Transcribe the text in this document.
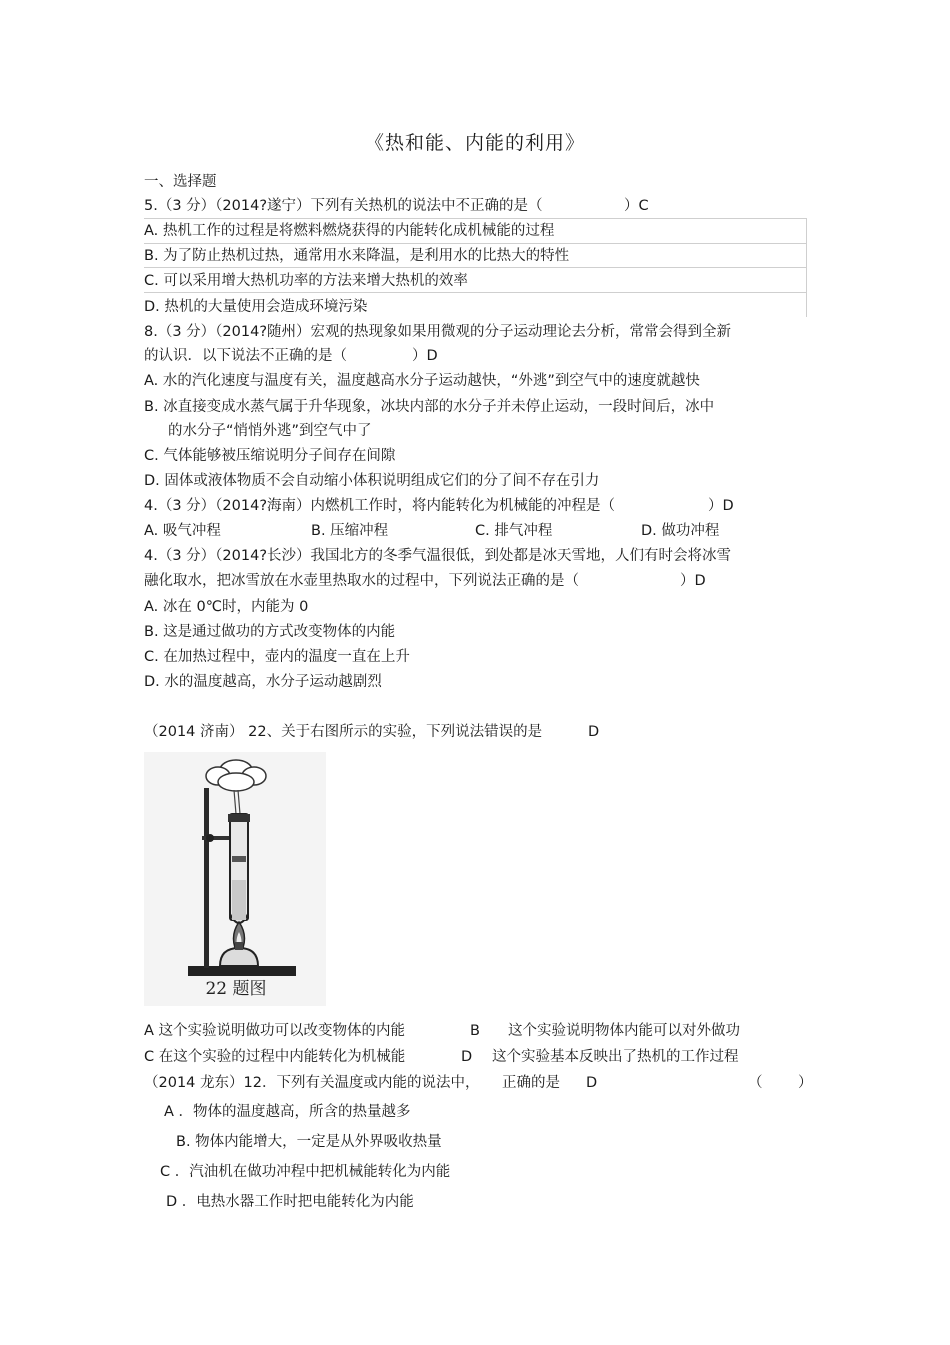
《热和能、内能的利用》
一、选择题
5.（3 分）（2014?遂宁）下列有关热机的说法中不正确的是（	）C
A. 热机工作的过程是将燃料燃烧获得的内能转化成机械能的过程
B. 为了防止热机过热，通常用水来降温，是利用水的比热大的特性
C. 可以采用增大热机功率的方法来增大热机的效率
D. 热机的大量使用会造成环境污染
8.（3 分）（2014?随州）宏观的热现象如果用微观的分子运动理论去分析，常常会得到全新
的认识．以下说法不正确的是（	）D
A. 水的汽化速度与温度有关，温度越高水分子运动越快，“外逃”到空气中的速度就越快
B. 冰直接变成水蒸气属于升华现象，冰块内部的水分子并未停止运动，一段时间后，冰中
的水分子“悄悄外逃”到空气中了
C. 气体能够被压缩说明分子间存在间隙
D. 固体或液体物质不会自动缩小体积说明组成它们的分了间不存在引力
4.（3 分）（2014?海南）内燃机工作时，将内能转化为机械能的冲程是（	）D
A. 吸气冲程	B. 压缩冲程	C. 排气冲程	D. 做功冲程
4.（3 分）（2014?长沙）我国北方的冬季气温很低，到处都是冰天雪地，人们有时会将冰雪
融化取水，把冰雪放在水壶里热取水的过程中，下列说法正确的是（	）D
A. 冰在 0℃时，内能为 0
B. 这是通过做功的方式改变物体的内能
C. 在加热过程中，壶内的温度一直在上升
D. 水的温度越高，水分子运动越剧烈
（2014 济南） 22、关于右图所示的实验，下列说法错误的是	D
22 题图
A 这个实验说明做功可以改变物体的内能	B 这个实验说明物体内能可以对外做功
C 在这个实验的过程中内能转化为机械能	D 这个实验基本反映出了热机的工作过程
（2014 龙东）12．下列有关温度或内能的说法中， 正确的是 D	（ ）
A ．物体的温度越高，所含的热量越多
B. 物体内能增大，一定是从外界吸收热量
C ．汽油机在做功冲程中把机械能转化为内能
D ．电热水器工作时把电能转化为内能
